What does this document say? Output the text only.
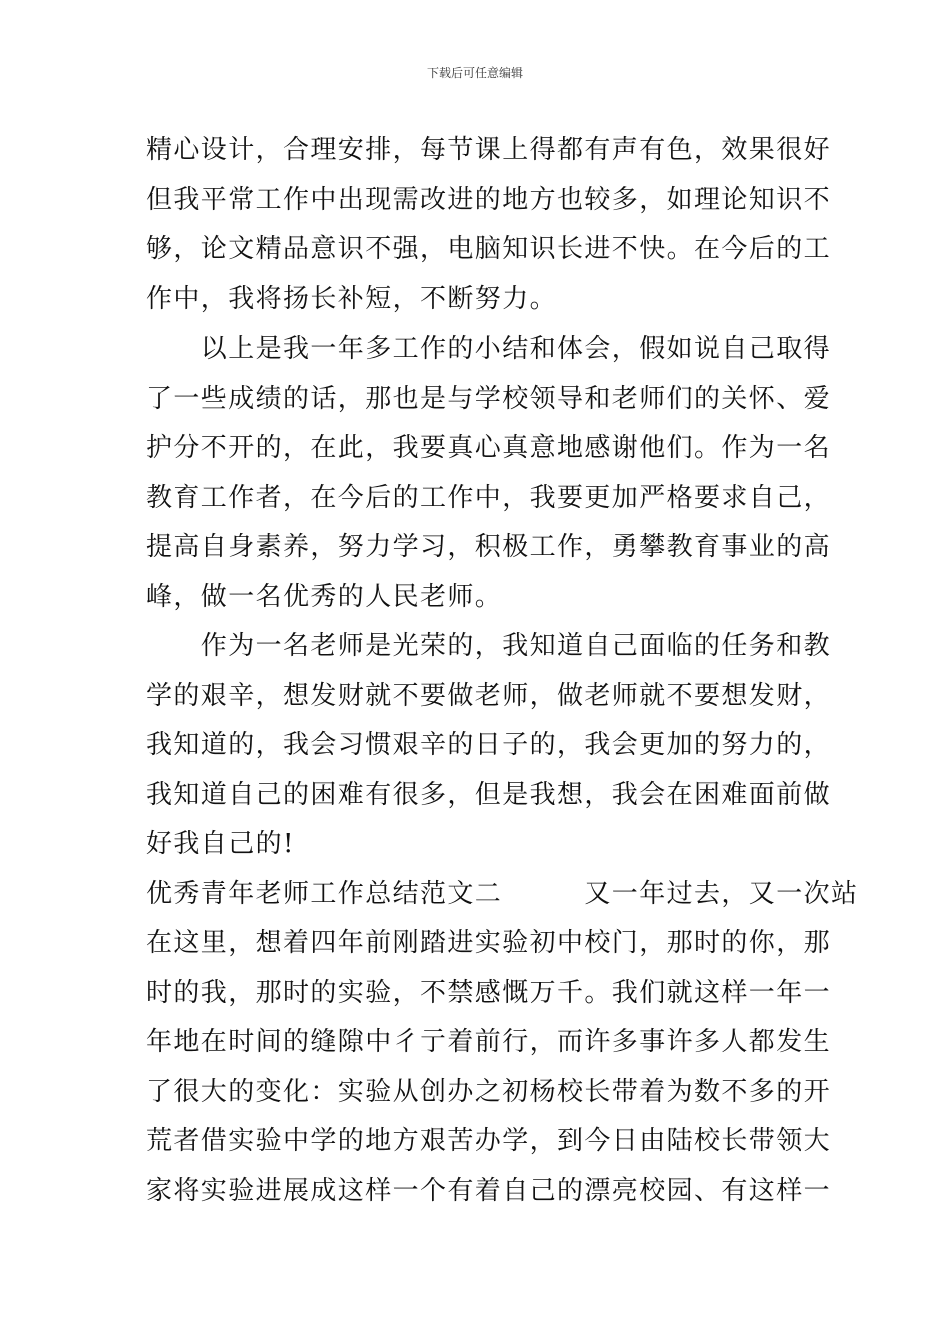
下载后可任意编辑
精心设计，合理安排，每节课上得都有声有色，效果很好
但我平常工作中出现需改进的地方也较多，如理论知识不
够，论文精品意识不强，电脑知识长进不快。在今后的工
作中，我将扬长补短，不断努力。
　　以上是我一年多工作的小结和体会，假如说自己取得
了一些成绩的话，那也是与学校领导和老师们的关怀、爱
护分不开的，在此，我要真心真意地感谢他们。作为一名
教育工作者，在今后的工作中，我要更加严格要求自己，
提高自身素养，努力学习，积极工作，勇攀教育事业的高
峰，做一名优秀的人民老师。
　　作为一名老师是光荣的，我知道自己面临的任务和教
学的艰辛，想发财就不要做老师，做老师就不要想发财，
我知道的，我会习惯艰辛的日子的，我会更加的努力的，
我知道自己的困难有很多，但是我想，我会在困难面前做
好我自己的!
优秀青年老师工作总结范文二　　　又一年过去，又一次站
在这里，想着四年前刚踏进实验初中校门，那时的你，那
时的我，那时的实验，不禁感慨万千。我们就这样一年一
年地在时间的缝隙中彳亍着前行，而许多事许多人都发生
了很大的变化：实验从创办之初杨校长带着为数不多的开
荒者借实验中学的地方艰苦办学，到今日由陆校长带领大
家将实验进展成这样一个有着自己的漂亮校园、有这样一
